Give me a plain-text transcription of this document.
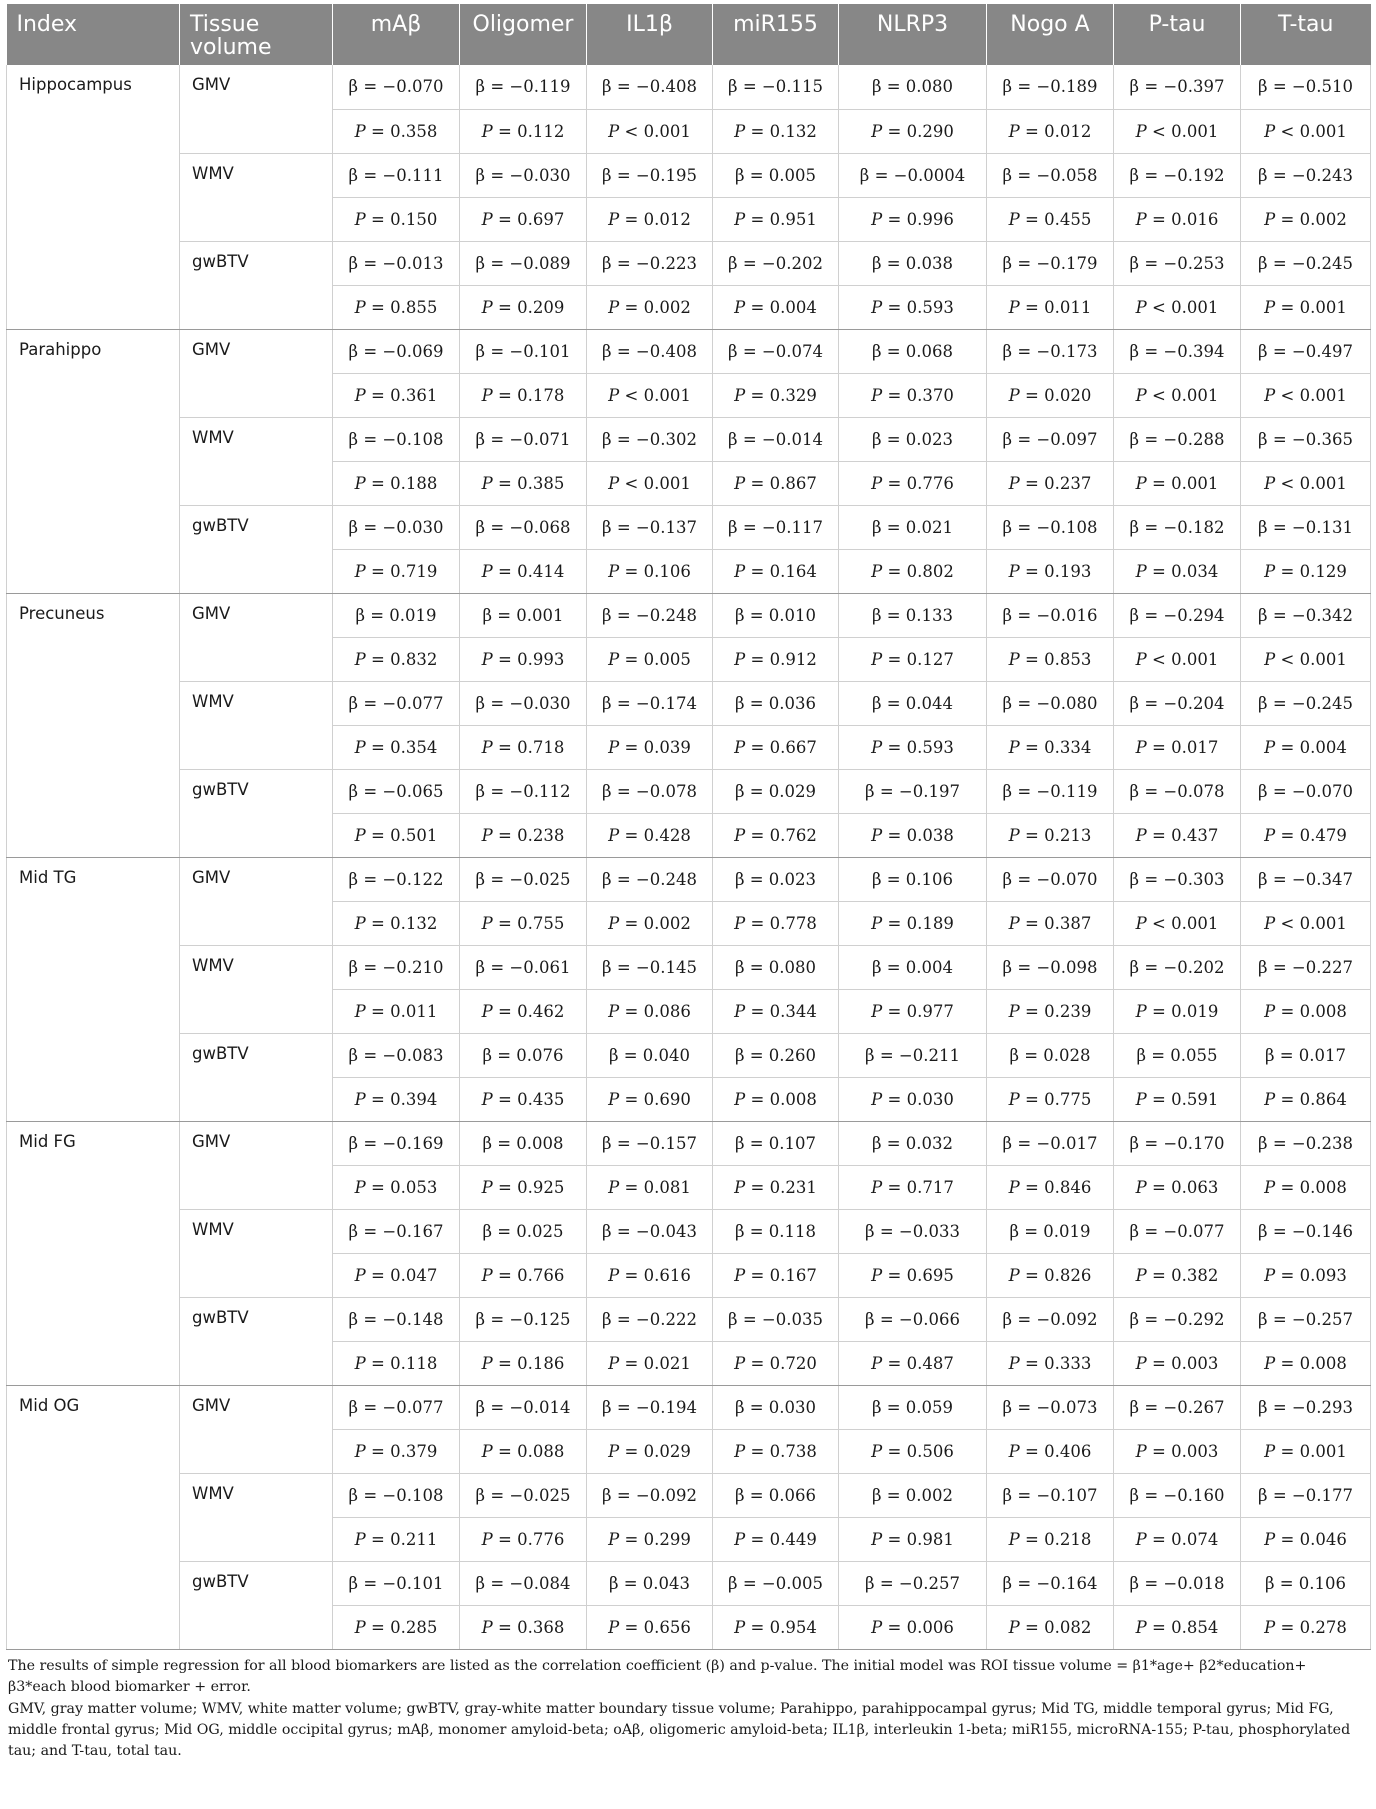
Index	Tissue volume	mAβ	Oligomer	IL1β	miR155	NLRP3	Nogo A	P-tau	T-tau
Hippocampus	GMV	β = −0.070	β = −0.119	β = −0.408	β = −0.115	β = 0.080	β = −0.189	β = −0.397	β = −0.510
		P = 0.358	P = 0.112	P < 0.001	P = 0.132	P = 0.290	P = 0.012	P < 0.001	P < 0.001
	WMV	β = −0.111	β = −0.030	β = −0.195	β = 0.005	β = −0.0004	β = −0.058	β = −0.192	β = −0.243
		P = 0.150	P = 0.697	P = 0.012	P = 0.951	P = 0.996	P = 0.455	P = 0.016	P = 0.002
	gwBTV	β = −0.013	β = −0.089	β = −0.223	β = −0.202	β = 0.038	β = −0.179	β = −0.253	β = −0.245
		P = 0.855	P = 0.209	P = 0.002	P = 0.004	P = 0.593	P = 0.011	P < 0.001	P = 0.001
Parahippo	GMV	β = −0.069	β = −0.101	β = −0.408	β = −0.074	β = 0.068	β = −0.173	β = −0.394	β = −0.497
		P = 0.361	P = 0.178	P < 0.001	P = 0.329	P = 0.370	P = 0.020	P < 0.001	P < 0.001
	WMV	β = −0.108	β = −0.071	β = −0.302	β = −0.014	β = 0.023	β = −0.097	β = −0.288	β = −0.365
		P = 0.188	P = 0.385	P < 0.001	P = 0.867	P = 0.776	P = 0.237	P = 0.001	P < 0.001
	gwBTV	β = −0.030	β = −0.068	β = −0.137	β = −0.117	β = 0.021	β = −0.108	β = −0.182	β = −0.131
		P = 0.719	P = 0.414	P = 0.106	P = 0.164	P = 0.802	P = 0.193	P = 0.034	P = 0.129
Precuneus	GMV	β = 0.019	β = 0.001	β = −0.248	β = 0.010	β = 0.133	β = −0.016	β = −0.294	β = −0.342
		P = 0.832	P = 0.993	P = 0.005	P = 0.912	P = 0.127	P = 0.853	P < 0.001	P < 0.001
	WMV	β = −0.077	β = −0.030	β = −0.174	β = 0.036	β = 0.044	β = −0.080	β = −0.204	β = −0.245
		P = 0.354	P = 0.718	P = 0.039	P = 0.667	P = 0.593	P = 0.334	P = 0.017	P = 0.004
	gwBTV	β = −0.065	β = −0.112	β = −0.078	β = 0.029	β = −0.197	β = −0.119	β = −0.078	β = −0.070
		P = 0.501	P = 0.238	P = 0.428	P = 0.762	P = 0.038	P = 0.213	P = 0.437	P = 0.479
Mid TG	GMV	β = −0.122	β = −0.025	β = −0.248	β = 0.023	β = 0.106	β = −0.070	β = −0.303	β = −0.347
		P = 0.132	P = 0.755	P = 0.002	P = 0.778	P = 0.189	P = 0.387	P < 0.001	P < 0.001
	WMV	β = −0.210	β = −0.061	β = −0.145	β = 0.080	β = 0.004	β = −0.098	β = −0.202	β = −0.227
		P = 0.011	P = 0.462	P = 0.086	P = 0.344	P = 0.977	P = 0.239	P = 0.019	P = 0.008
	gwBTV	β = −0.083	β = 0.076	β = 0.040	β = 0.260	β = −0.211	β = 0.028	β = 0.055	β = 0.017
		P = 0.394	P = 0.435	P = 0.690	P = 0.008	P = 0.030	P = 0.775	P = 0.591	P = 0.864
Mid FG	GMV	β = −0.169	β = 0.008	β = −0.157	β = 0.107	β = 0.032	β = −0.017	β = −0.170	β = −0.238
		P = 0.053	P = 0.925	P = 0.081	P = 0.231	P = 0.717	P = 0.846	P = 0.063	P = 0.008
	WMV	β = −0.167	β = 0.025	β = −0.043	β = 0.118	β = −0.033	β = 0.019	β = −0.077	β = −0.146
		P = 0.047	P = 0.766	P = 0.616	P = 0.167	P = 0.695	P = 0.826	P = 0.382	P = 0.093
	gwBTV	β = −0.148	β = −0.125	β = −0.222	β = −0.035	β = −0.066	β = −0.092	β = −0.292	β = −0.257
		P = 0.118	P = 0.186	P = 0.021	P = 0.720	P = 0.487	P = 0.333	P = 0.003	P = 0.008
Mid OG	GMV	β = −0.077	β = −0.014	β = −0.194	β = 0.030	β = 0.059	β = −0.073	β = −0.267	β = −0.293
		P = 0.379	P = 0.088	P = 0.029	P = 0.738	P = 0.506	P = 0.406	P = 0.003	P = 0.001
	WMV	β = −0.108	β = −0.025	β = −0.092	β = 0.066	β = 0.002	β = −0.107	β = −0.160	β = −0.177
		P = 0.211	P = 0.776	P = 0.299	P = 0.449	P = 0.981	P = 0.218	P = 0.074	P = 0.046
	gwBTV	β = −0.101	β = −0.084	β = 0.043	β = −0.005	β = −0.257	β = −0.164	β = −0.018	β = 0.106
		P = 0.285	P = 0.368	P = 0.656	P = 0.954	P = 0.006	P = 0.082	P = 0.854	P = 0.278

The results of simple regression for all blood biomarkers are listed as the correlation coefficient (β) and p-value. The initial model was ROI tissue volume = β1*age+ β2*education+ β3*each blood biomarker + error.

GMV, gray matter volume; WMV, white matter volume; gwBTV, gray-white matter boundary tissue volume; Parahippo, parahippocampal gyrus; Mid TG, middle temporal gyrus; Mid FG, middle frontal gyrus; Mid OG, middle occipital gyrus; mAβ, monomer amyloid-beta; oAβ, oligomeric amyloid-beta; IL1β, interleukin 1-beta; miR155, microRNA-155; P-tau, phosphorylated tau; and T-tau, total tau.
